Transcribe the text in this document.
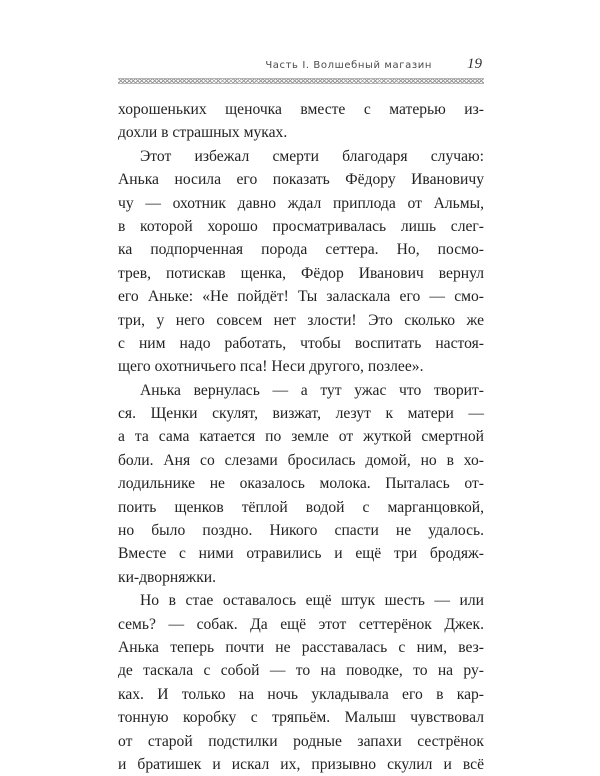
Часть I. Волшебный магазин 19
хорошеньких щеночка вместе с матерью из-
дохли в страшных муках.
Этот избежал смерти благодаря случаю:
Анька носила его показать Фёдору Ивановичу
чу — охотник давно ждал приплода от Альмы,
в которой хорошо просматривалась лишь слег-
ка подпорченная порода сеттера. Но, посмо-
трев, потискав щенка, Фёдор Иванович вернул
его Аньке: «Не пойдёт! Ты заласкала его — смо-
три, у него совсем нет злости! Это сколько же
с ним надо работать, чтобы воспитать настоя-
щего охотничьего пса! Неси другого, позлее».
Анька вернулась — а тут ужас что творит-
ся. Щенки скулят, визжат, лезут к матери —
а та сама катается по земле от жуткой смертной
боли. Аня со слезами бросилась домой, но в хо-
лодильнике не оказалось молока. Пыталась от-
поить щенков тёплой водой с марганцовкой,
но было поздно. Никого спасти не удалось.
Вместе с ними отравились и ещё три бродяж-
ки-дворняжки.
Но в стае оставалось ещё штук шесть — или
семь? — собак. Да ещё этот сеттерёнок Джек.
Анька теперь почти не расставалась с ним, вез-
де таскала с собой — то на поводке, то на ру-
ках. И только на ночь укладывала его в кар-
тонную коробку с тряпьём. Малыш чувствовал
от старой подстилки родные запахи сестрёнок
и братишек и искал их, призывно скулил и всё
